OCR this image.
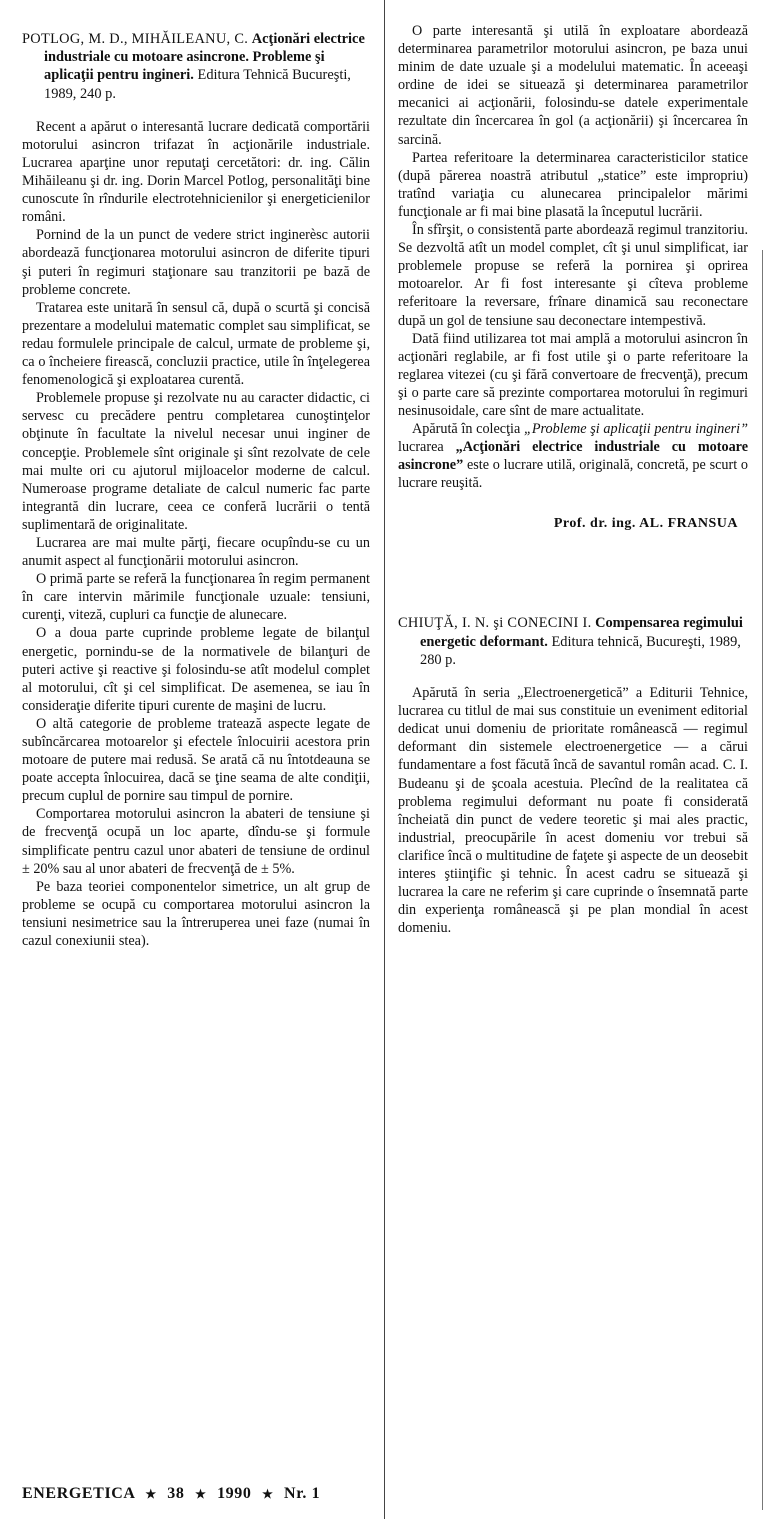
POTLOG, M. D., MIHĂILEANU, C. Acţionări electrice industriale cu motoare asincrone. Probleme şi aplicaţii pentru ingineri. Editura Tehnică Bucureşti, 1989, 240 p.

Recent a apărut o interesantă lucrare dedicată comportării motorului asincron trifazat în acţionările industriale. Lucrarea aparţine unor reputaţi cercetători: dr. ing. Călin Mihăileanu şi dr. ing. Dorin Marcel Potlog, personalităţi bine cunoscute în rîndurile electrotehnicienilor şi energeticienilor români.

Pornind de la un punct de vedere strict inginerèsc autorii abordează funcţionarea motorului asincron de diferite tipuri şi puteri în regimuri staţionare sau tranzitorii pe bază de probleme concrete.

Tratarea este unitară în sensul că, după o scurtă şi concisă prezentare a modelului matematic complet sau simplificat, se redau formulele principale de calcul, urmate de probleme şi, ca o încheiere firească, concluzii practice, utile în înţelegerea fenomenologică şi exploatarea curentă.

Problemele propuse şi rezolvate nu au caracter didactic, ci servesc cu precădere pentru completarea cunoştinţelor obţinute în facultate la nivelul necesar unui inginer de concepţie. Problemele sînt originale şi sînt rezolvate de cele mai multe ori cu ajutorul mijloacelor moderne de calcul. Numeroase programe detaliate de calcul numeric fac parte integrantă din lucrare, ceea ce conferă lucrării o tentă suplimentară de originalitate.

Lucrarea are mai multe părţi, fiecare ocupîndu-se cu un anumit aspect al funcţionării motorului asincron.

O primă parte se referă la funcţionarea în regim permanent în care intervin mărimile funcţionale uzuale: tensiuni, curenţi, viteză, cupluri ca funcţie de alunecare.

O a doua parte cuprinde probleme legate de bilanţul energetic, pornindu-se de la normativele de bilanţuri de puteri active şi reactive şi folosindu-se atît modelul complet al motorului, cît şi cel simplificat. De asemenea, se iau în consideraţie diferite tipuri curente de maşini de lucru.

O altă categorie de probleme tratează aspecte legate de subîncărcarea motoarelor şi efectele înlocuirii acestora prin motoare de putere mai redusă. Se arată că nu întotdeauna se poate accepta înlocuirea, dacă se ţine seama de alte condiţii, precum cuplul de pornire sau timpul de pornire.

Comportarea motorului asincron la abateri de tensiune şi de frecvenţă ocupă un loc aparte, dîndu-se şi formule simplificate pentru cazul unor abateri de tensiune de ordinul ± 20% sau al unor abateri de frecvenţă de ± 5%.

Pe baza teoriei componentelor simetrice, un alt grup de probleme se ocupă cu comportarea motorului asincron la tensiuni nesimetrice sau la întreruperea unei faze (numai în cazul conexiunii stea).

O parte interesantă şi utilă în exploatare abordează determinarea parametrilor motorului asincron, pe baza unui minim de date uzuale şi a modelului matematic. În aceeaşi ordine de idei se situează şi determinarea parametrilor mecanici ai acţionării, folosindu-se datele experimentale rezultate din încercarea în gol (a acţionării) şi încercarea în sarcină.

Partea referitoare la determinarea caracteristicilor statice (după părerea noastră atributul „statice” este impropriu) tratînd variaţia cu alunecarea principalelor mărimi funcţionale ar fi mai bine plasată la începutul lucrării.

În sfîrşit, o consistentă parte abordează regimul tranzitoriu. Se dezvoltă atît un model complet, cît şi unul simplificat, iar problemele propuse se referă la pornirea şi oprirea motoarelor. Ar fi fost interesante şi cîteva probleme referitoare la reversare, frînare dinamică sau reconectare după un gol de tensiune sau deconectare intempestivă.

Dată fiind utilizarea tot mai amplă a motorului asincron în acţionări reglabile, ar fi fost utile şi o parte referitoare la reglarea vitezei (cu şi fără convertoare de frecvenţă), precum şi o parte care să prezinte comportarea motorului în regimuri nesinusoidale, care sînt de mare actualitate.

Apărută în colecţia „Probleme şi aplicaţii pentru ingineri” lucrarea „Acţionări electrice industriale cu motoare asincrone” este o lucrare utilă, originală, concretă, pe scurt o lucrare reuşită.

Prof. dr. ing. AL. FRANSUA

CHIUŢĂ, I. N. şi CONECINI I. Compensarea regimului energetic deformant. Editura tehnică, Bucureşti, 1989, 280 p.

Apărută în seria „Electroenergetică” a Editurii Tehnice, lucrarea cu titlul de mai sus constituie un eveniment editorial dedicat unui domeniu de prioritate românească — regimul deformant din sistemele electroenergetice — a cărui fundamentare a fost făcută încă de savantul român acad. C. I. Budeanu şi de şcoala acestuia. Plecînd de la realitatea că problema regimului deformant nu poate fi considerată încheiată din punct de vedere teoretic şi mai ales practic, industrial, preocupările în acest domeniu vor trebui să clarifice încă o multitudine de faţete şi aspecte de un deosebit interes ştiinţific şi tehnic. În acest cadru se situează şi lucrarea la care ne referim şi care cuprinde o însemnată parte din experienţa românească şi pe plan mondial în acest domeniu.

ENERGETICA ★ 38 ★ 1990 ★ Nr. 1
